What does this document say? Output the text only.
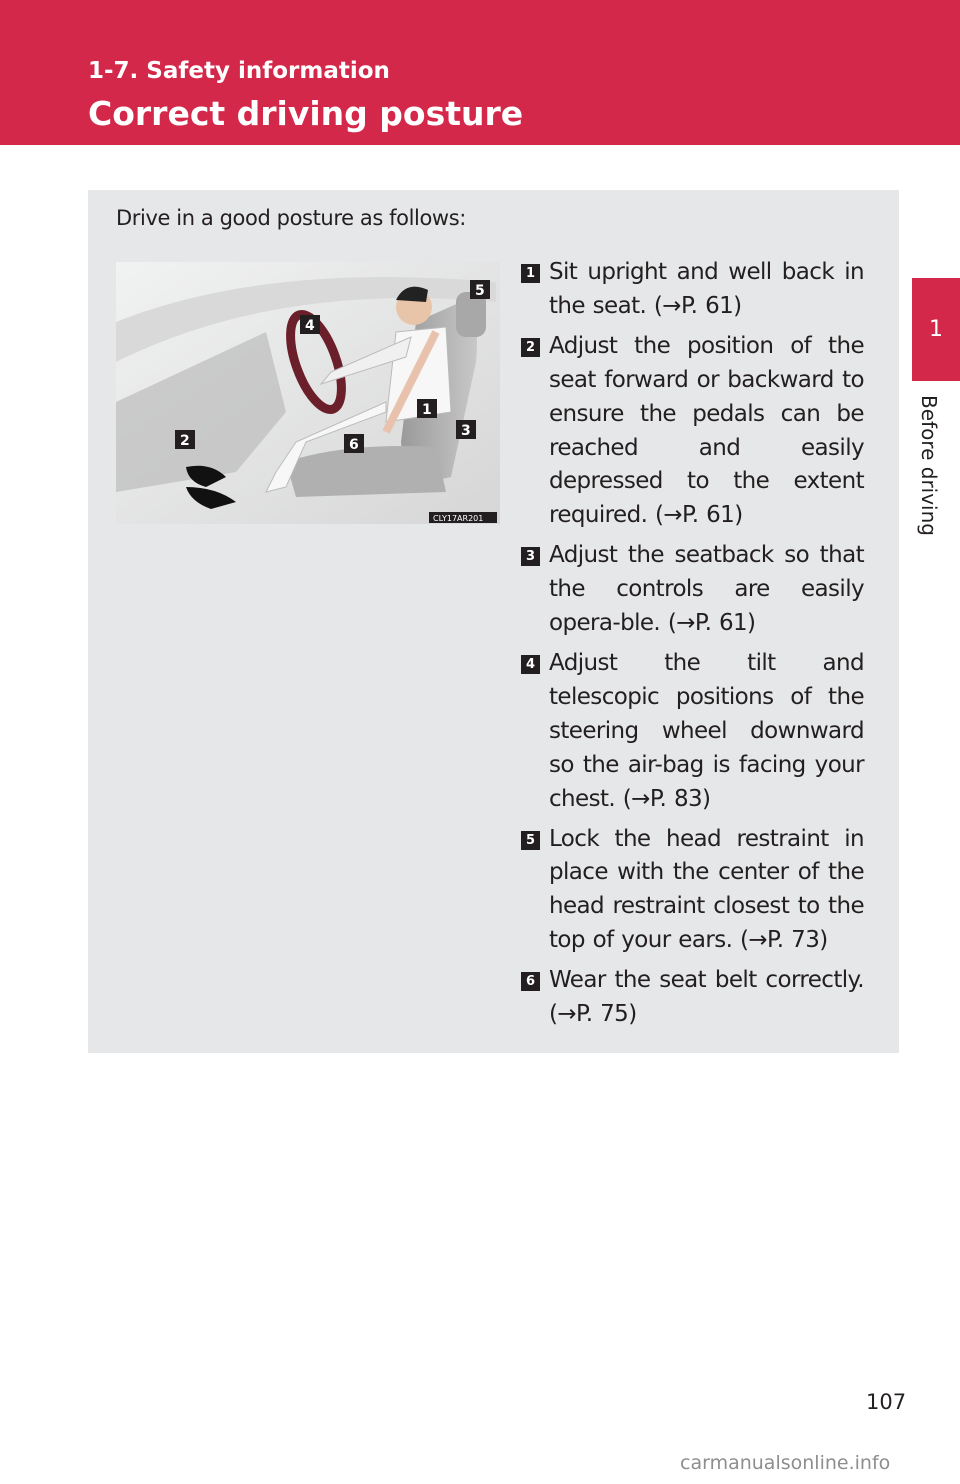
1-7. Safety information
Correct driving posture
1
Before driving
Drive in a good posture as follows:
5
4
1
3
2	6
CLY17AR201
1 Sit upright and well back in the seat. (→P. 61)
2 Adjust the position of the seat forward or backward to ensure the pedals can be reached and easily depressed to the extent required. (→P. 61)
3 Adjust the seatback so that the controls are easily opera-ble. (→P. 61)
4 Adjust the tilt and telescopic positions of the steering wheel downward so the air-bag is facing your chest. (→P. 83)
5 Lock the head restraint in place with the center of the head restraint closest to the top of your ears. (→P. 73)
6 Wear the seat belt correctly. (→P. 75)
107
carmanualsonline.info
